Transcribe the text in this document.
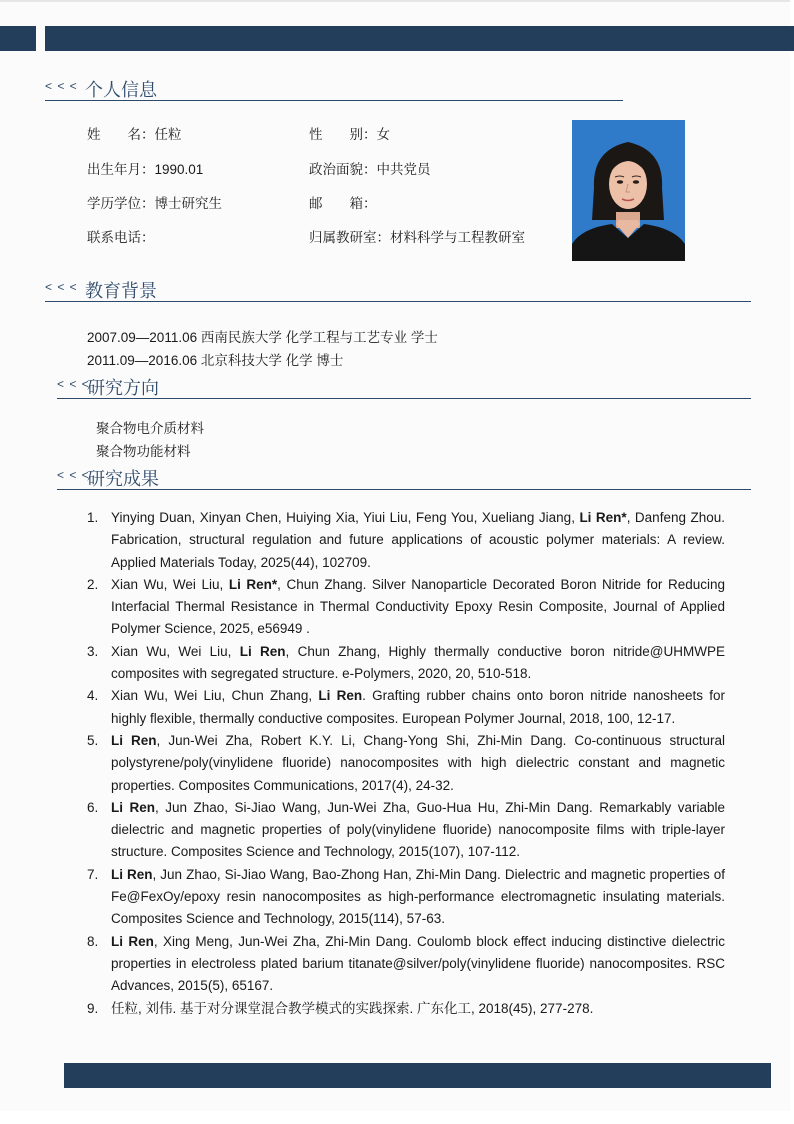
< < < 个人信息
姓　　名：任粒	性　　别：女
出生年月：1990.01	政治面貌：中共党员
学历学位：博士研究生	邮　　箱：
联系电话：	归属教研室：材料科学与工程教研室
< < < 教育背景
2007.09—2011.06 西南民族大学 化学工程与工艺专业 学士
2011.09—2016.06 北京科技大学 化学 博士
< < <
研究方向
聚合物电介质材料
聚合物功能材料
< < <
研究成果
1. Yinying Duan, Xinyan Chen, Huiying Xia, Yiui Liu, Feng You, Xueliang Jiang, Li Ren*, Danfeng Zhou. Fabrication, structural regulation and future applications of acoustic polymer materials: A review. Applied Materials Today, 2025(44), 102709.
2. Xian Wu, Wei Liu, Li Ren*, Chun Zhang. Silver Nanoparticle Decorated Boron Nitride for Reducing Interfacial Thermal Resistance in Thermal Conductivity Epoxy Resin Composite, Journal of Applied Polymer Science, 2025, e56949 .
3. Xian Wu, Wei Liu, Li Ren, Chun Zhang, Highly thermally conductive boron nitride@UHMWPE composites with segregated structure. e-Polymers, 2020, 20, 510-518.
4. Xian Wu, Wei Liu, Chun Zhang, Li Ren. Grafting rubber chains onto boron nitride nanosheets for highly flexible, thermally conductive composites. European Polymer Journal, 2018, 100, 12-17.
5. Li Ren, Jun-Wei Zha, Robert K.Y. Li, Chang-Yong Shi, Zhi-Min Dang. Co-continuous structural polystyrene/poly(vinylidene fluoride) nanocomposites with high dielectric constant and magnetic properties. Composites Communications, 2017(4), 24-32.
6. Li Ren, Jun Zhao, Si-Jiao Wang, Jun-Wei Zha, Guo-Hua Hu, Zhi-Min Dang. Remarkably variable dielectric and magnetic properties of poly(vinylidene fluoride) nanocomposite films with triple-layer structure. Composites Science and Technology, 2015(107), 107-112.
7. Li Ren, Jun Zhao, Si-Jiao Wang, Bao-Zhong Han, Zhi-Min Dang. Dielectric and magnetic properties of Fe@FexOy/epoxy resin nanocomposites as high-performance electromagnetic insulating materials. Composites Science and Technology, 2015(114), 57-63.
8. Li Ren, Xing Meng, Jun-Wei Zha, Zhi-Min Dang. Coulomb block effect inducing distinctive dielectric properties in electroless plated barium titanate@silver/poly(vinylidene fluoride) nanocomposites. RSC Advances, 2015(5), 65167.
9. 任粒, 刘伟. 基于对分课堂混合教学模式的实践探索. 广东化工, 2018(45), 277-278.
